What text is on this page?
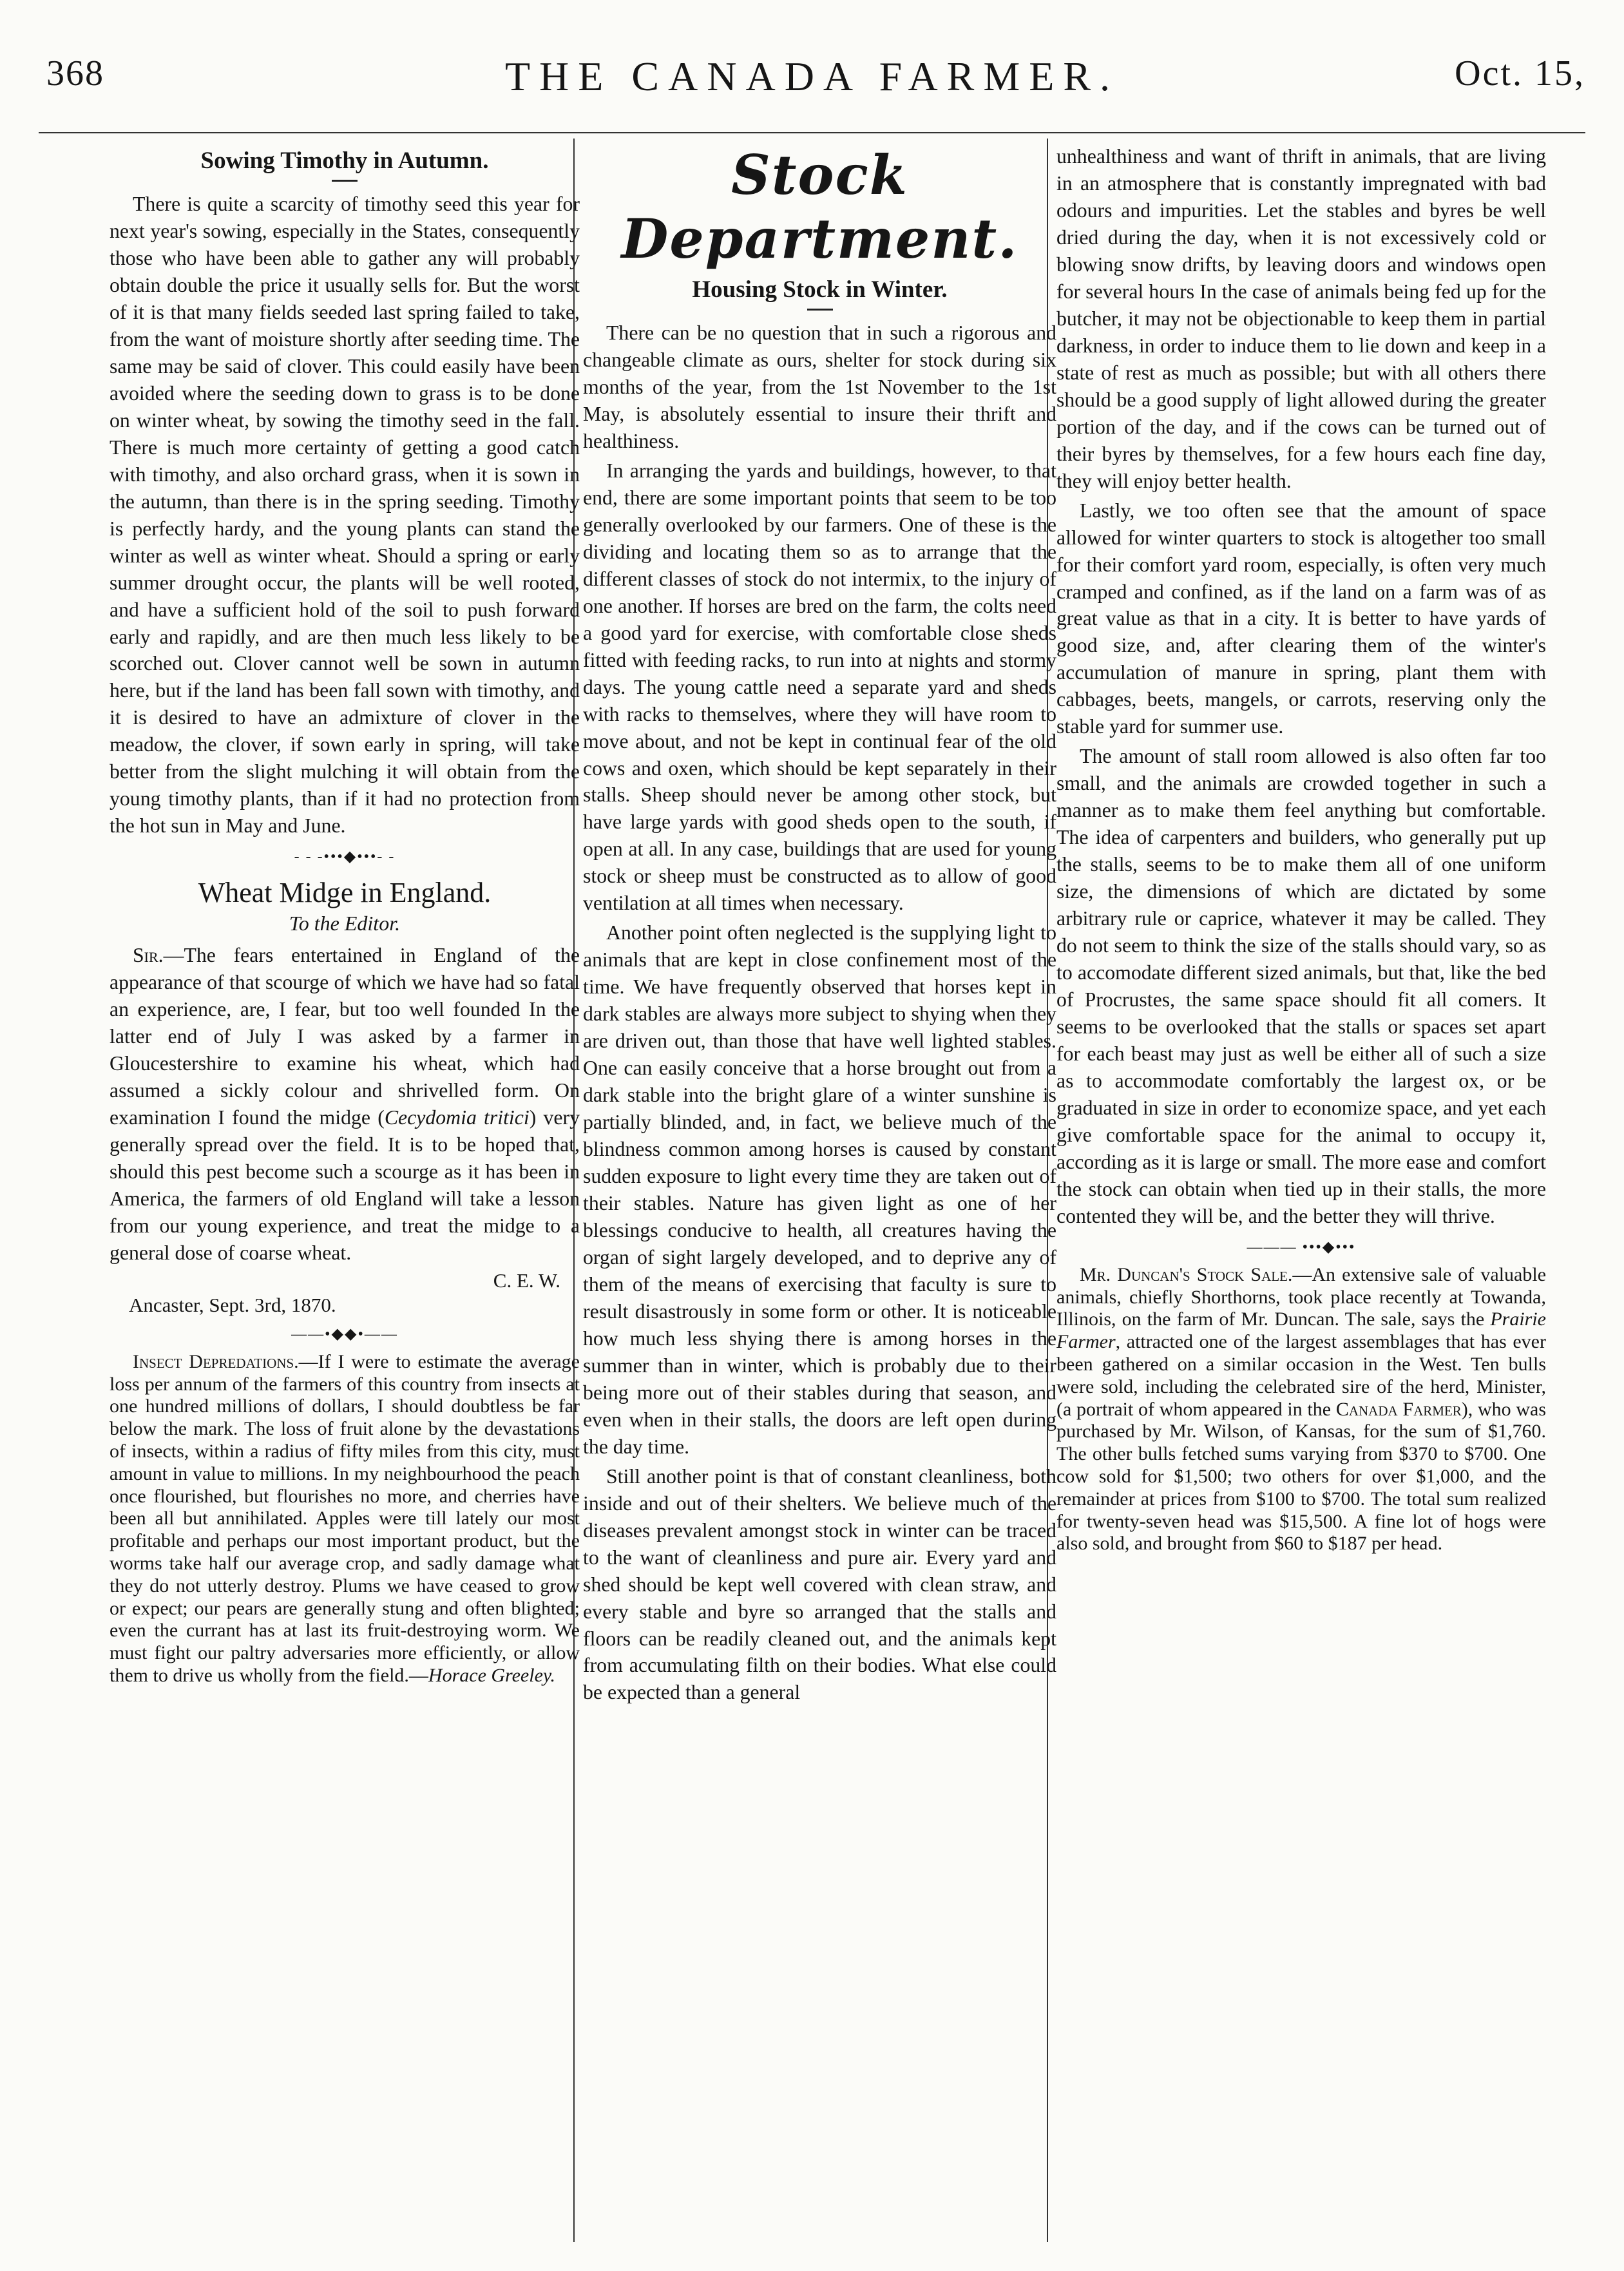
368	THE CANADA FARMER.	Oct. 15,
Sowing Timothy in Autumn.

There is quite a scarcity of timothy seed this year for next year's sowing, especially in the States, consequently those who have been able to gather any will probably obtain double the price it usually sells for. But the worst of it is that many fields seeded last spring failed to take, from the want of moisture shortly after seeding time. The same may be said of clover. This could easily have been avoided where the seeding down to grass is to be done on winter wheat, by sowing the timothy seed in the fall. There is much more certainty of getting a good catch with timothy, and also orchard grass, when it is sown in the autumn, than there is in the spring seeding. Timothy is perfectly hardy, and the young plants can stand the winter as well as winter wheat. Should a spring or early summer drought occur, the plants will be well rooted, and have a sufficient hold of the soil to push forward early and rapidly, and are then much less likely to be scorched out. Clover cannot well be sown in autumn here, but if the land has been fall sown with timothy, and it is desired to have an admixture of clover in the meadow, the clover, if sown early in spring, will take better from the slight mulching it will obtain from the young timothy plants, than if it had no protection from the hot sun in May and June.

- - -•••◆•••- -
Wheat Midge in England.
To the Editor.

Sir.—The fears entertained in England of the appearance of that scourge of which we have had so fatal an experience, are, I fear, but too well founded In the latter end of July I was asked by a farmer in Gloucestershire to examine his wheat, which had assumed a sickly colour and shrivelled form. On examination I found the midge (Cecydomia tritici) very generally spread over the field. It is to be hoped that, should this pest become such a scourge as it has been in America, the farmers of old England will take a lesson from our young experience, and treat the midge to a general dose of coarse wheat.

C. E. W.
Ancaster, Sept. 3rd, 1870.
——•◆◆•——

Insect Depredations.—If I were to estimate the average loss per annum of the farmers of this country from insects at one hundred millions of dollars, I should doubtless be far below the mark. The loss of fruit alone by the devastations of insects, within a radius of fifty miles from this city, must amount in value to millions. In my neighbourhood the peach once flourished, but flourishes no more, and cherries have been all but annihilated. Apples were till lately our most profitable and perhaps our most important product, but the worms take half our average crop, and sadly damage what they do not utterly destroy. Plums we have ceased to grow or expect; our pears are generally stung and often blighted; even the currant has at last its fruit-destroying worm. We must fight our paltry adversaries more efficiently, or allow them to drive us wholly from the field.—Horace Greeley.

Stock Department.
Housing Stock in Winter.

There can be no question that in such a rigorous and changeable climate as ours, shelter for stock during six months of the year, from the 1st November to the 1st May, is absolutely essential to insure their thrift and healthiness.

In arranging the yards and buildings, however, to that end, there are some important points that seem to be too generally overlooked by our farmers. One of these is the dividing and locating them so as to arrange that the different classes of stock do not intermix, to the injury of one another. If horses are bred on the farm, the colts need a good yard for exercise, with comfortable close sheds fitted with feeding racks, to run into at nights and stormy days. The young cattle need a separate yard and sheds with racks to themselves, where they will have room to move about, and not be kept in continual fear of the old cows and oxen, which should be kept separately in their stalls. Sheep should never be among other stock, but have large yards with good sheds open to the south, if open at all. In any case, buildings that are used for young stock or sheep must be constructed as to allow of good ventilation at all times when necessary.

Another point often neglected is the supplying light to animals that are kept in close confinement most of the time. We have frequently observed that horses kept in dark stables are always more subject to shying when they are driven out, than those that have well lighted stables. One can easily conceive that a horse brought out from a dark stable into the bright glare of a winter sunshine is partially blinded, and, in fact, we believe much of the blindness common among horses is caused by constant sudden exposure to light every time they are taken out of their stables. Nature has given light as one of her blessings conducive to health, all creatures having the organ of sight largely developed, and to deprive any of them of the means of exercising that faculty is sure to result disastrously in some form or other. It is noticeable how much less shying there is among horses in the summer than in winter, which is probably due to their being more out of their stables during that season, and even when in their stalls, the doors are left open during the day time.

Still another point is that of constant cleanliness, both inside and out of their shelters. We believe much of the diseases prevalent amongst stock in winter can be traced to the want of cleanliness and pure air. Every yard and shed should be kept well covered with clean straw, and every stable and byre so arranged that the stalls and floors can be readily cleaned out, and the animals kept from accumulating filth on their bodies. What else could be expected than a general

unhealthiness and want of thrift in animals, that are living in an atmosphere that is constantly impregnated with bad odours and impurities. Let the stables and byres be well dried during the day, when it is not excessively cold or blowing snow drifts, by leaving doors and windows open for several hours In the case of animals being fed up for the butcher, it may not be objectionable to keep them in partial darkness, in order to induce them to lie down and keep in a state of rest as much as possible; but with all others there should be a good supply of light allowed during the greater portion of the day, and if the cows can be turned out of their byres by themselves, for a few hours each fine day, they will enjoy better health.

Lastly, we too often see that the amount of space allowed for winter quarters to stock is altogether too small for their comfort yard room, especially, is often very much cramped and confined, as if the land on a farm was of as great value as that in a city. It is better to have yards of good size, and, after clearing them of the winter's accumulation of manure in spring, plant them with cabbages, beets, mangels, or carrots, reserving only the stable yard for summer use.

The amount of stall room allowed is also often far too small, and the animals are crowded together in such a manner as to make them feel anything but comfortable. The idea of carpenters and builders, who generally put up the stalls, seems to be to make them all of one uniform size, the dimensions of which are dictated by some arbitrary rule or caprice, whatever it may be called. They do not seem to think the size of the stalls should vary, so as to accomodate different sized animals, but that, like the bed of Procrustes, the same space should fit all comers. It seems to be overlooked that the stalls or spaces set apart for each beast may just as well be either all of such a size as to accommodate comfortably the largest ox, or be graduated in size in order to economize space, and yet each give comfortable space for the animal to occupy it, according as it is large or small. The more ease and comfort the stock can obtain when tied up in their stalls, the more contented they will be, and the better they will thrive.

——— •••◆•••

Mr. Duncan's Stock Sale.—An extensive sale of valuable animals, chiefly Shorthorns, took place recently at Towanda, Illinois, on the farm of Mr. Duncan. The sale, says the Prairie Farmer, attracted one of the largest assemblages that has ever been gathered on a similar occasion in the West. Ten bulls were sold, including the celebrated sire of the herd, Minister, (a portrait of whom appeared in the Canada Farmer), who was purchased by Mr. Wilson, of Kansas, for the sum of $1,760. The other bulls fetched sums varying from $370 to $700. One cow sold for $1,500; two others for over $1,000, and the remainder at prices from $100 to $700. The total sum realized for twenty-seven head was $15,500. A fine lot of hogs were also sold, and brought from $60 to $187 per head.
